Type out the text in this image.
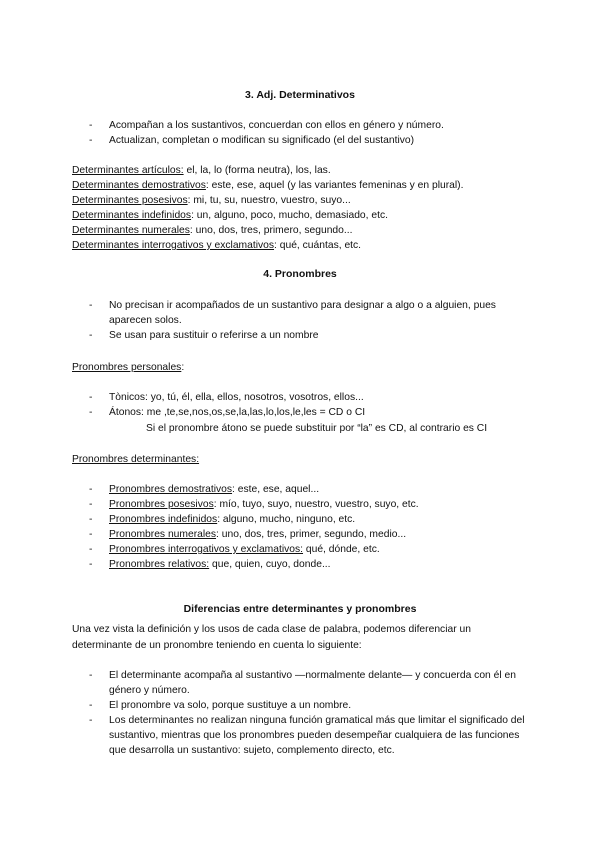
3. Adj. Determinativos
- Acompañan a los sustantivos, concuerdan con ellos en género y número.
- Actualizan, completan o modifican su significado (el del sustantivo)
Determinantes artículos: el, la, lo (forma neutra), los, las.
Determinantes demostrativos: este, ese, aquel (y las variantes femeninas y en plural).
Determinantes posesivos: mi, tu, su, nuestro, vuestro, suyo...
Determinantes indefinidos: un, alguno, poco, mucho, demasiado, etc.
Determinantes numerales: uno, dos, tres, primero, segundo...
Determinantes interrogativos y exclamativos: qué, cuántas, etc.
4. Pronombres
- No precisan ir acompañados de un sustantivo para designar a algo o a alguien, pues aparecen solos.
- Se usan para sustituir o referirse a un nombre
Pronombres personales:
- Tònicos: yo, tú, él, ella, ellos, nosotros, vosotros, ellos...
- Átonos: me ,te,se,nos,os,se,la,las,lo,los,le,les = CD o CI
Si el pronombre átono se puede substituir por “la” es CD, al contrario es CI
Pronombres determinantes:
- Pronombres demostrativos: este, ese, aquel...
- Pronombres posesivos: mío, tuyo, suyo, nuestro, vuestro, suyo, etc.
- Pronombres indefinidos: alguno, mucho, ninguno, etc.
- Pronombres numerales: uno, dos, tres, primer, segundo, medio...
- Pronombres interrogativos y exclamativos: qué, dónde, etc.
- Pronombres relativos: que, quien, cuyo, donde...
Diferencias entre determinantes y pronombres
Una vez vista la definición y los usos de cada clase de palabra, podemos diferenciar un determinante de un pronombre teniendo en cuenta lo siguiente:
- El determinante acompaña al sustantivo —normalmente delante— y concuerda con él en género y número.
- El pronombre va solo, porque sustituye a un nombre.
- Los determinantes no realizan ninguna función gramatical más que limitar el significado del sustantivo, mientras que los pronombres pueden desempeñar cualquiera de las funciones que desarrolla un sustantivo: sujeto, complemento directo, etc.
